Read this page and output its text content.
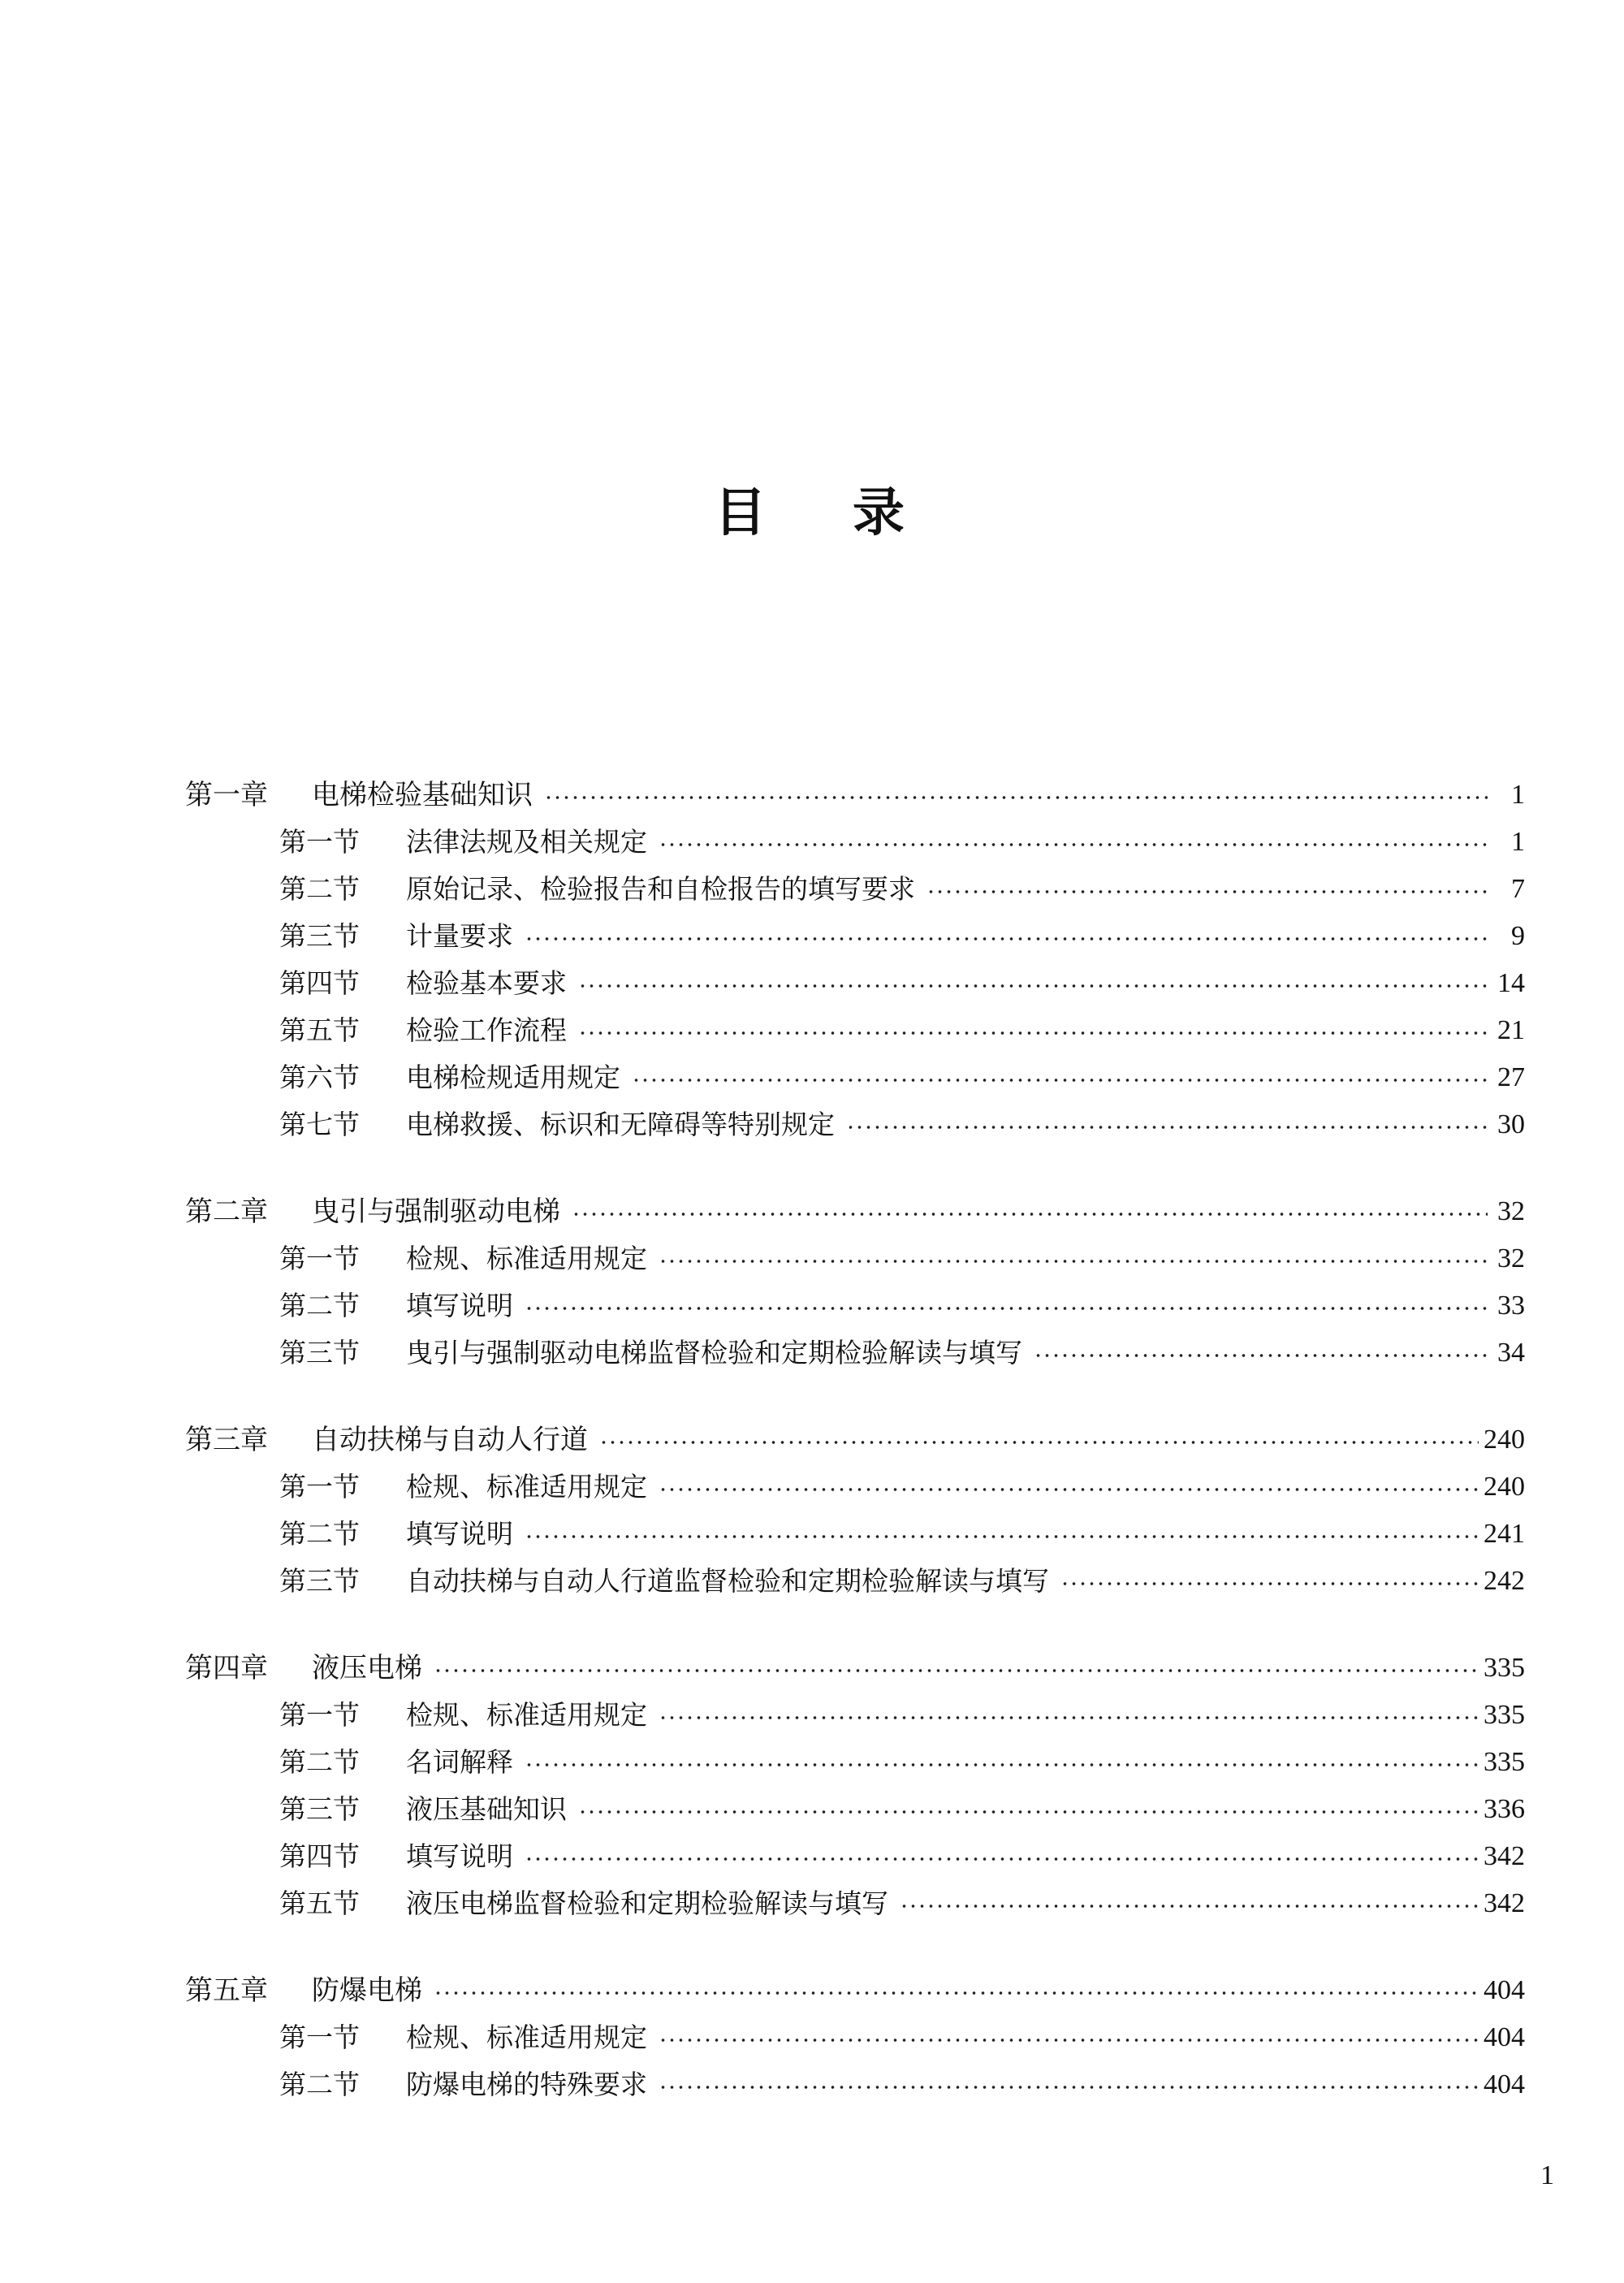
目 录
第一章	电梯检验基础知识	1
第一节	法律法规及相关规定	1
第二节	原始记录、检验报告和自检报告的填写要求	7
第三节	计量要求	9
第四节	检验基本要求	14
第五节	检验工作流程	21
第六节	电梯检规适用规定	27
第七节	电梯救援、标识和无障碍等特别规定	30
第二章	曳引与强制驱动电梯	32
第一节	检规、标准适用规定	32
第二节	填写说明	33
第三节	曳引与强制驱动电梯监督检验和定期检验解读与填写	34
第三章	自动扶梯与自动人行道	240
第一节	检规、标准适用规定	240
第二节	填写说明	241
第三节	自动扶梯与自动人行道监督检验和定期检验解读与填写	242
第四章	液压电梯	335
第一节	检规、标准适用规定	335
第二节	名词解释	335
第三节	液压基础知识	336
第四节	填写说明	342
第五节	液压电梯监督检验和定期检验解读与填写	342
第五章	防爆电梯	404
第一节	检规、标准适用规定	404
第二节	防爆电梯的特殊要求	404
1
